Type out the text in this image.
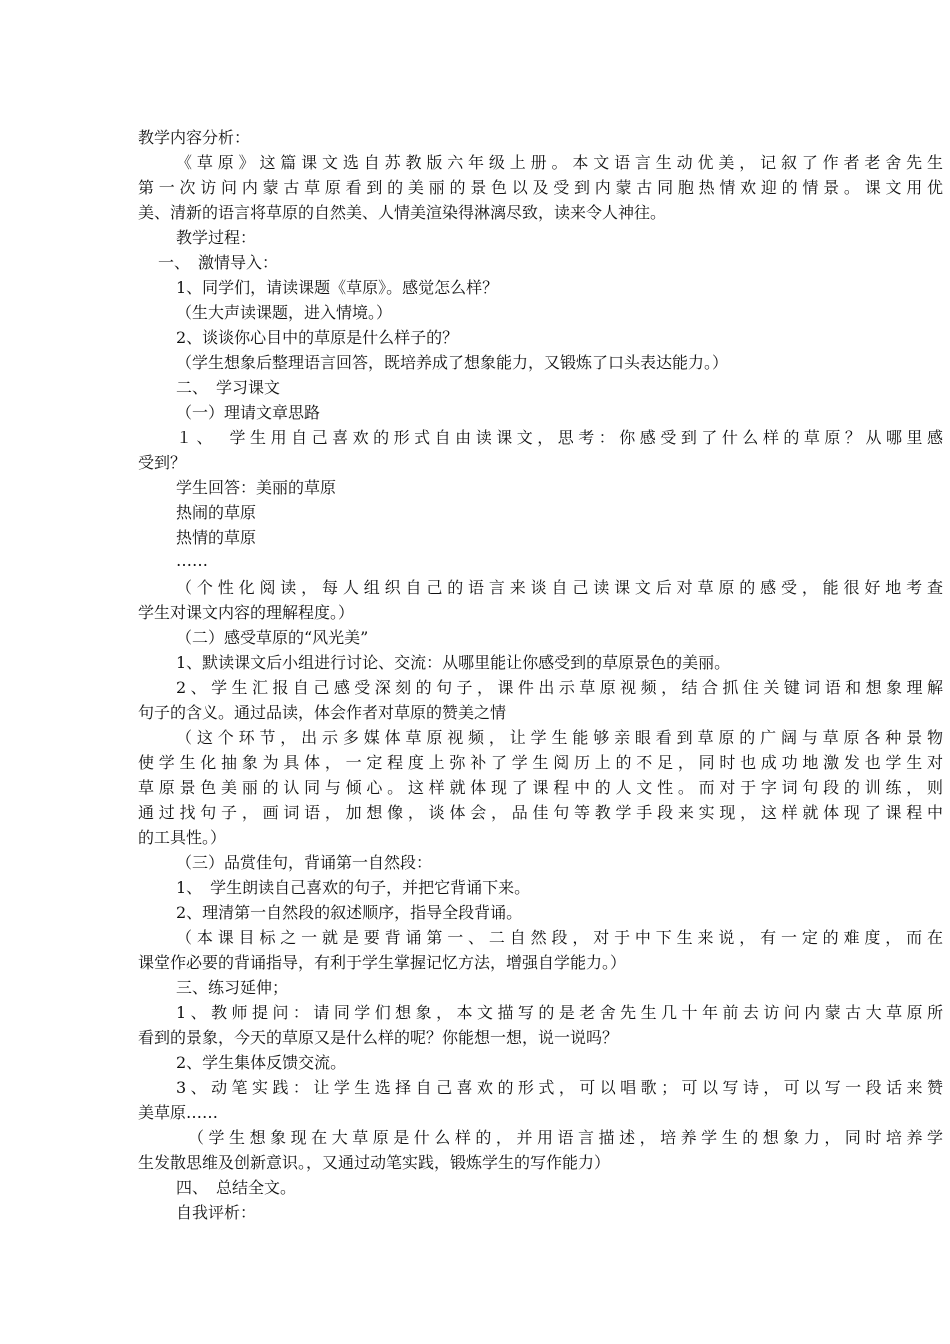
教学内容分析：
《草原》这篇课文选自苏教版六年级上册。本文语言生动优美，记叙了作者老舍先生
第一次访问内蒙古草原看到的美丽的景色以及受到内蒙古同胞热情欢迎的情景。课文用优
美、清新的语言将草原的自然美、人情美渲染得淋漓尽致，读来令人神往。
教学过程：
一、　激情导入：
1、同学们，请读课题《草原》。感觉怎么样？
（生大声读课题，进入情境。）
2、谈谈你心目中的草原是什么样子的？
（学生想象后整理语言回答，既培养成了想象能力，又锻炼了口头表达能力。）
二、　学习课文
（一）理请文章思路
１、　学生用自己喜欢的形式自由读课文，思考：你感受到了什么样的草原？从哪里感
受到？
学生回答：美丽的草原
热闹的草原
热情的草原
……
（个性化阅读，每人组织自己的语言来谈自己读课文后对草原的感受，能很好地考查
学生对课文内容的理解程度。）
（二）感受草原的“风光美”
1、默读课文后小组进行讨论、交流：从哪里能让你感受到的草原景色的美丽。
2、学生汇报自己感受深刻的句子，课件出示草原视频，结合抓住关键词语和想象理解
句子的含义。通过品读，体会作者对草原的赞美之情
（这个环节，出示多媒体草原视频，让学生能够亲眼看到草原的广阔与草原各种景物
使学生化抽象为具体，一定程度上弥补了学生阅历上的不足，同时也成功地激发也学生对
草原景色美丽的认同与倾心。这样就体现了课程中的人文性。而对于字词句段的训练，则
通过找句子，画词语，加想像，谈体会，品佳句等教学手段来实现，这样就体现了课程中
的工具性。）
（三）品赏佳句，背诵第一自然段：
1、　学生朗读自己喜欢的句子，并把它背诵下来。
2、理清第一自然段的叙述顺序，指导全段背诵。
（本课目标之一就是要背诵第一、二自然段，对于中下生来说，有一定的难度，而在
课堂作必要的背诵指导，有利于学生掌握记忆方法，增强自学能力。）
三、练习延伸；
1、教师提问：请同学们想象，本文描写的是老舍先生几十年前去访问内蒙古大草原所
看到的景象，今天的草原又是什么样的呢？你能想一想，说一说吗？
2、学生集体反馈交流。
3、动笔实践：让学生选择自己喜欢的形式，可以唱歌；可以写诗，可以写一段话来赞
美草原……
（学生想象现在大草原是什么样的，并用语言描述，培养学生的想象力，同时培养学
生发散思维及创新意识。，又通过动笔实践，锻炼学生的写作能力）
四、　总结全文。
自我评析：
